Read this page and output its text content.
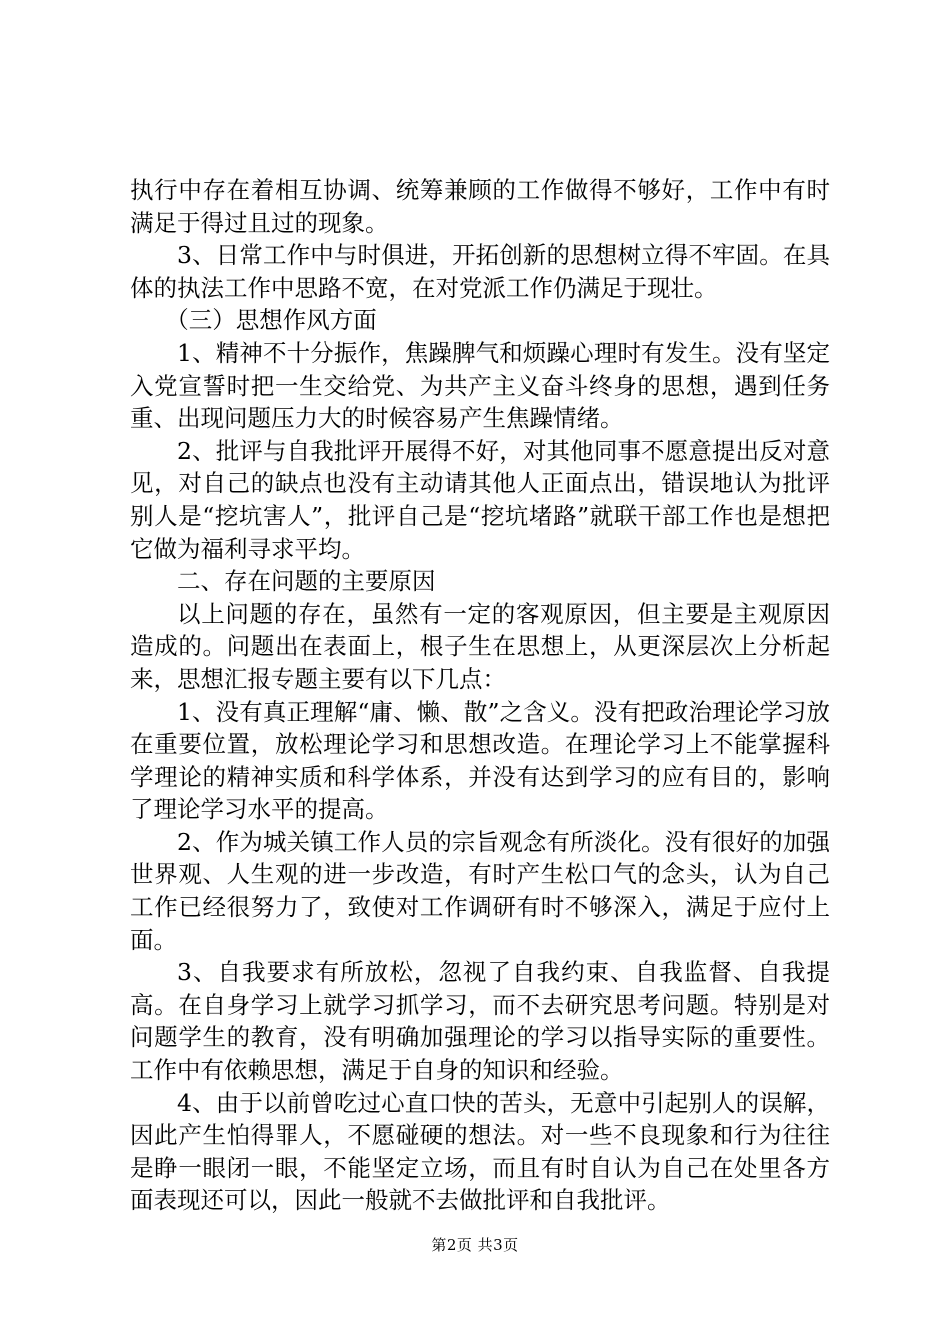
执行中存在着相互协调、统筹兼顾的工作做得不够好，工作中有时满足于得过且过的现象。

3、日常工作中与时俱进，开拓创新的思想树立得不牢固。在具体的执法工作中思路不宽，在对党派工作仍满足于现壮。

（三）思想作风方面

1、精神不十分振作，焦躁脾气和烦躁心理时有发生。没有坚定入党宣誓时把一生交给党、为共产主义奋斗终身的思想，遇到任务重、出现问题压力大的时候容易产生焦躁情绪。

2、批评与自我批评开展得不好，对其他同事不愿意提出反对意见，对自己的缺点也没有主动请其他人正面点出，错误地认为批评别人是“挖坑害人”，批评自己是“挖坑堵路”就联干部工作也是想把它做为福利寻求平均。

二、存在问题的主要原因

以上问题的存在，虽然有一定的客观原因，但主要是主观原因造成的。问题出在表面上，根子生在思想上，从更深层次上分析起来，思想汇报专题主要有以下几点：

1、没有真正理解“庸、懒、散”之含义。没有把政治理论学习放在重要位置，放松理论学习和思想改造。在理论学习上不能掌握科学理论的精神实质和科学体系，并没有达到学习的应有目的，影响了理论学习水平的提高。

2、作为城关镇工作人员的宗旨观念有所淡化。没有很好的加强世界观、人生观的进一步改造，有时产生松口气的念头，认为自己工作已经很努力了，致使对工作调研有时不够深入，满足于应付上面。

3、自我要求有所放松，忽视了自我约束、自我监督、自我提高。在自身学习上就学习抓学习，而不去研究思考问题。特别是对问题学生的教育，没有明确加强理论的学习以指导实际的重要性。工作中有依赖思想，满足于自身的知识和经验。

4、由于以前曾吃过心直口快的苦头，无意中引起别人的误解，因此产生怕得罪人，不愿碰硬的想法。对一些不良现象和行为往往是睁一眼闭一眼，不能坚定立场，而且有时自认为自己在处里各方面表现还可以，因此一般就不去做批评和自我批评。

第2页 共3页
